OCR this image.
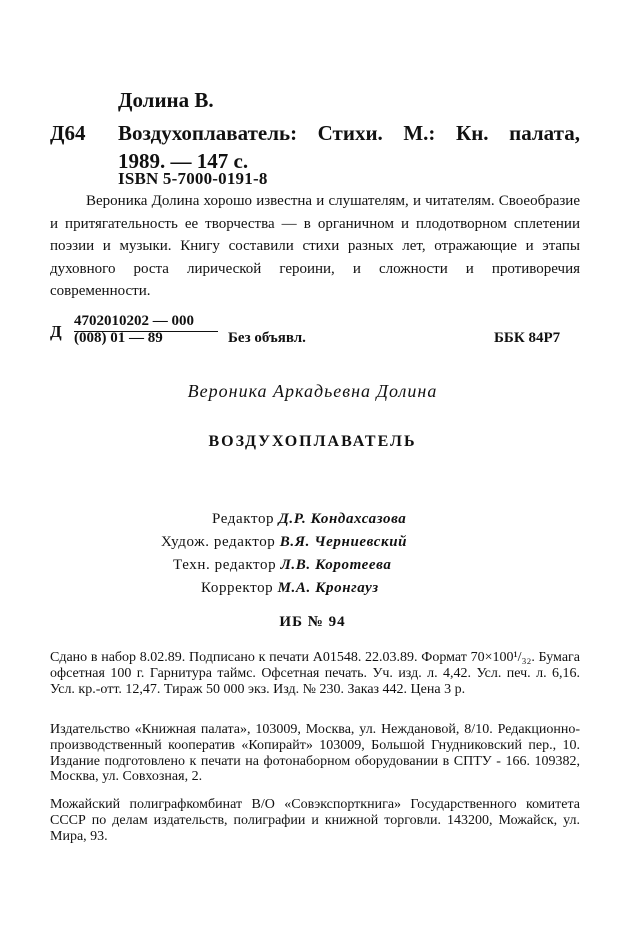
Долина В.
Д64 Воздухоплаватель: Стихи. М.: Кн. палата,
1989. — 147 с.
ISBN 5-7000-0191-8

Вероника Долина хорошо известна и слушателям, и читателям. Своеобразие и притягательность ее творчества — в органичном и плодотворном сплетении поэзии и музыки. Книгу составили стихи разных лет, отражающие и этапы духовного роста лирической героини, и сложности и противоречия современности.

Д
4702010202 — 000
(008) 01 — 89	Без объявл.	ББК 84Р7
Вероника Аркадьевна Долина
ВОЗДУХОПЛАВАТЕЛЬ
Редактор Д.Р. Кондахсазова
Худож. редактор В.Я. Черниевский
Техн. редактор Л.В. Коротеева
Корректор М.А. Кронгауз
ИБ № 94
Сдано в набор 8.02.89. Подписано к печати А01548. 22.03.89. Формат 70×100¹/₃₂. Бумага офсетная 100 г. Гарнитура таймс. Офсетная печать. Уч. изд. л. 4,42. Усл. печ. л. 6,16. Усл. кр.-отт. 12,47. Тираж 50 000 экз. Изд. № 230. Заказ 442. Цена 3 р.
Издательство «Книжная палата», 103009, Москва, ул. Неждановой, 8/10. Редакционно-производственный кооператив «Копирайт» 103009, Большой Гнудниковский пер., 10. Издание подготовлено к печати на фотонаборном оборудовании в СПТУ - 166. 109382, Москва, ул. Совхозная, 2.
Можайский полиграфкомбинат В/О «Совэкспорткнига» Государственного комитета СССР по делам издательств, полиграфии и книжной торговли. 143200, Можайск, ул. Мира, 93.
